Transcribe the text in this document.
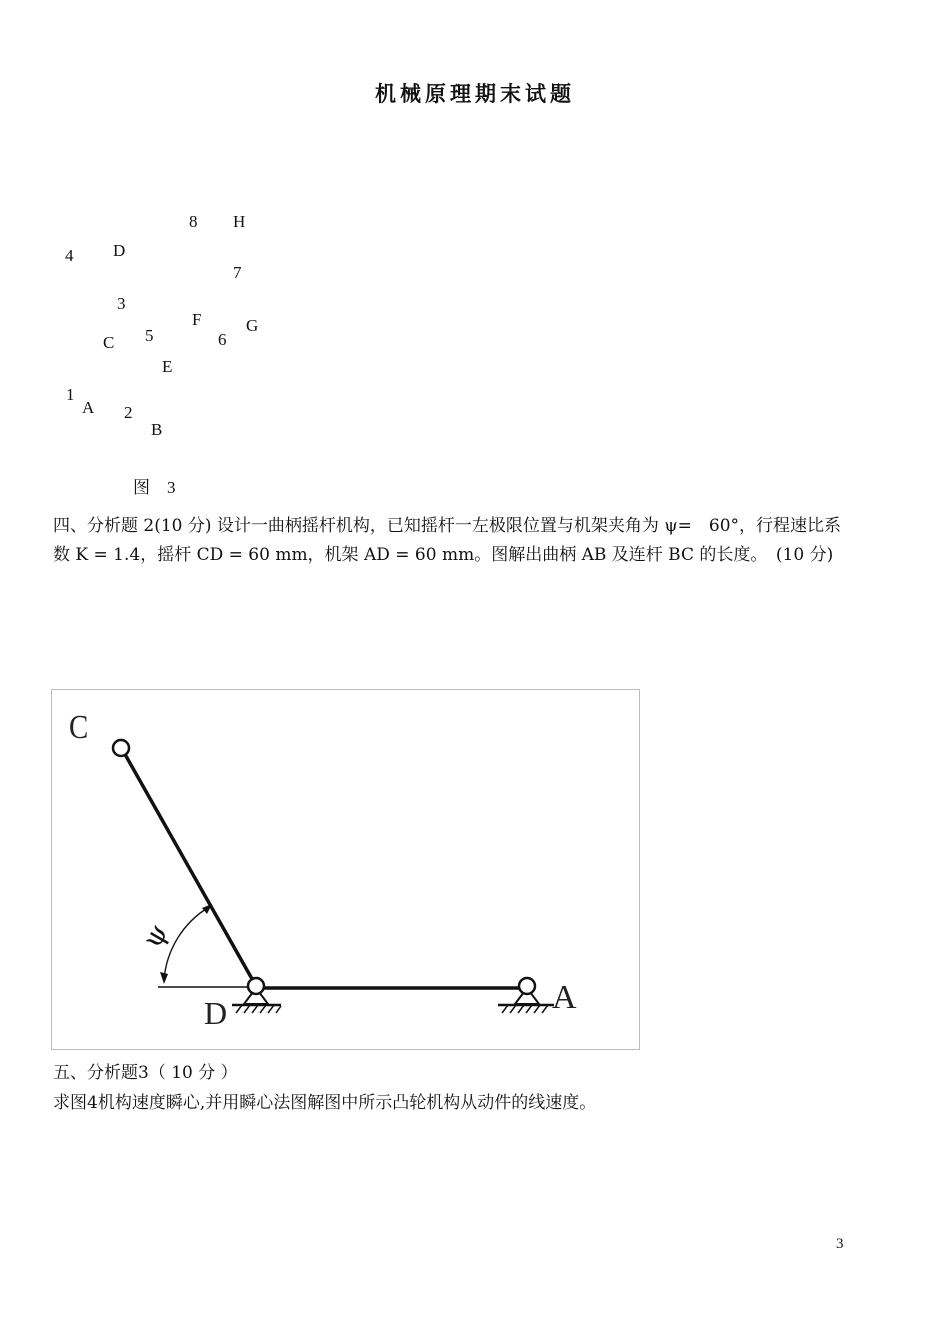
机械原理期末试题
8 H
4 D
7
3
F	G
C 5	6
E
1
A 2
B
图　3
四、分析题 2(10 分) 设计一曲柄摇杆机构，已知摇杆一左极限位置与机架夹角为 ψ=　60°，行程速比系数 K = 1.4，摇杆 CD = 60 mm，机架 AD = 60 mm。图解出曲柄 AB 及连杆 BC 的长度。　(10 分)
C
D	A
ψ
五、分析题3（ 10 分 ）
求图4机构速度瞬心,并用瞬心法图解图中所示凸轮机构从动件的线速度。
3
